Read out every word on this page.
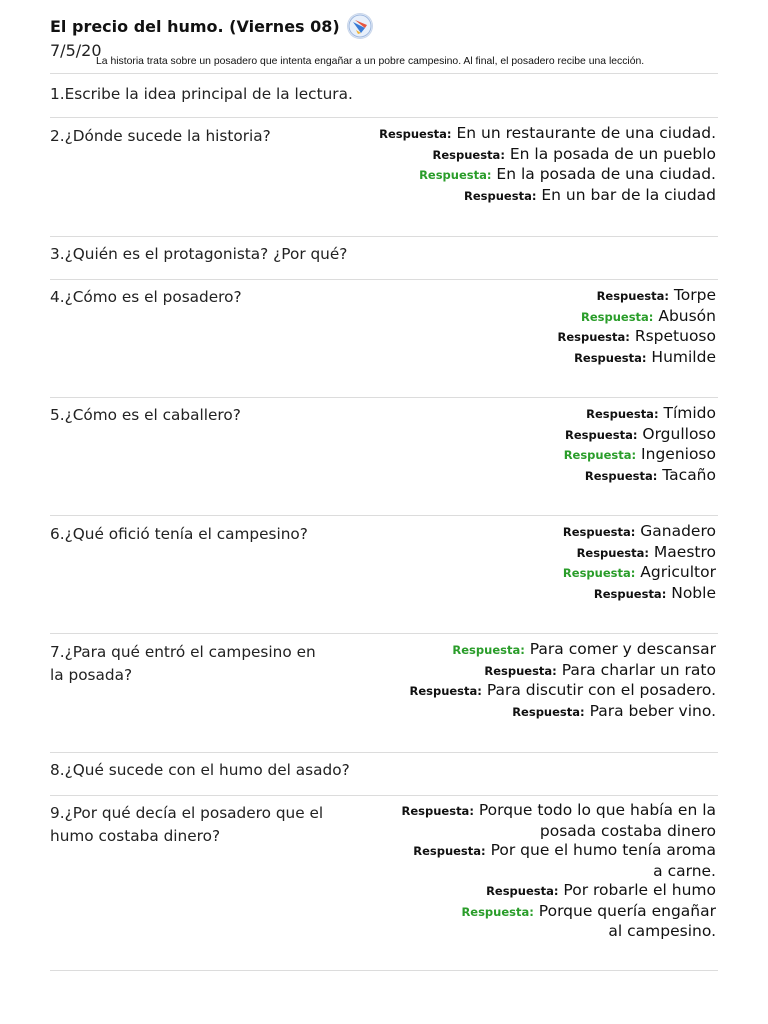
El precio del humo. (Viernes 08)
7/5/20
La historia trata sobre un posadero que intenta engañar a un pobre campesino. Al final, el posadero recibe una lección.
1.Escribe la idea principal de la lectura.
2.¿Dónde sucede la historia?	Respuesta: En un restaurante de una ciudad.
Respuesta: En la posada de un pueblo
Respuesta: En la posada de una ciudad.
Respuesta: En un bar de la ciudad
3.¿Quién es el protagonista? ¿Por qué?
4.¿Cómo es el posadero?	Respuesta: Torpe
Respuesta: Abusón
Respuesta: Rspetuoso
Respuesta: Humilde
5.¿Cómo es el caballero?	Respuesta: Tímido
Respuesta: Orgulloso
Respuesta: Ingenioso
Respuesta: Tacaño
6.¿Qué ofició tenía el campesino?	Respuesta: Ganadero
Respuesta: Maestro
Respuesta: Agricultor
Respuesta: Noble
7.¿Para qué entró el campesino en
la posada?
Respuesta: Para comer y descansar
Respuesta: Para charlar un rato
Respuesta: Para discutir con el posadero.
Respuesta: Para beber vino.
8.¿Qué sucede con el humo del asado?
9.¿Por qué decía el posadero que el
humo costaba dinero?
Respuesta: Porque todo lo que había en la
posada costaba dinero
Respuesta: Por que el humo tenía aroma
a carne.
Respuesta: Por robarle el humo
Respuesta: Porque quería engañar
al campesino.
